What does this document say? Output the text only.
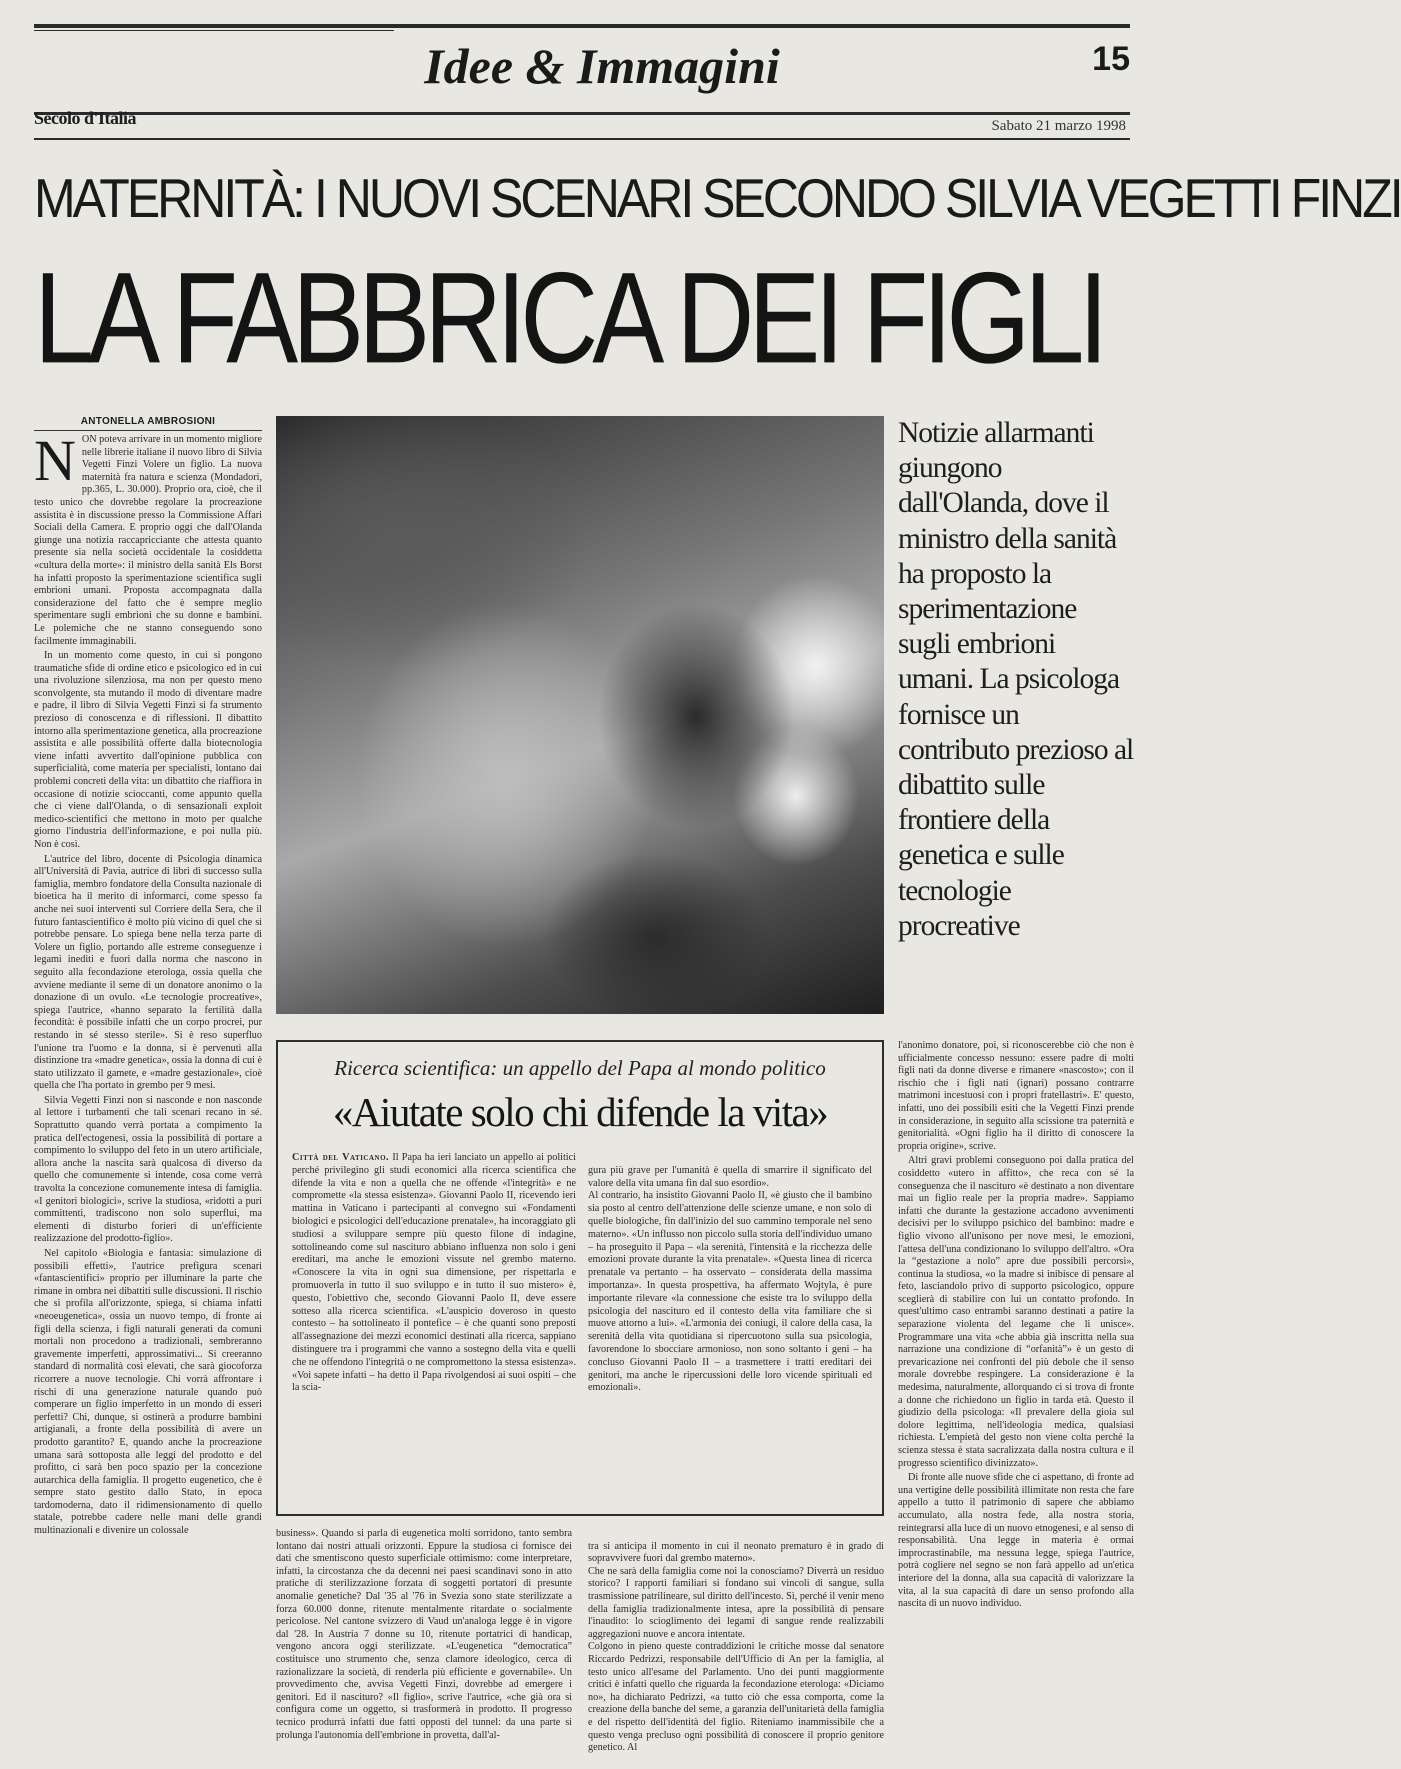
Idee & Immagini	15
Secolo d'Italia	Sabato 21 marzo 1998
MATERNITÀ: I NUOVI SCENARI SECONDO SILVIA VEGETTI FINZI
LA FABBRICA DEI FIGLI
ANTONELLA AMBROSIONI

NON poteva arrivare in un momento migliore nelle librerie italiane il nuovo libro di Silvia Vegetti Finzi Volere un figlio. La nuova maternità fra natura e scienza (Mondadori, pp.365, L. 30.000). Proprio ora, cioè, che il testo unico che dovrebbe regolare la procreazione assistita è in discussione presso la Commissione Affari Sociali della Camera. E proprio oggi che dall'Olanda giunge una notizia raccapricciante che attesta quanto presente sia nella società occidentale la cosiddetta «cultura della morte»: il ministro della sanità Els Borst ha infatti proposto la sperimentazione scientifica sugli embrioni umani. Proposta accompagnata dalla considerazione del fatto che è sempre meglio sperimentare sugli embrioni che su donne e bambini. Le polemiche che ne stanno conseguendo sono facilmente immaginabili.

In un momento come questo, in cui si pongono traumatiche sfide di ordine etico e psicologico ed in cui una rivoluzione silenziosa, ma non per questo meno sconvolgente, sta mutando il modo di diventare madre e padre, il libro di Silvia Vegetti Finzi si fa strumento prezioso di conoscenza e di riflessioni. Il dibattito intorno alla sperimentazione genetica, alla procreazione assistita e alle possibilità offerte dalla biotecnologia viene infatti avvertito dall'opinione pubblica con superficialità, come materia per specialisti, lontano dai problemi concreti della vita: un dibattito che riaffiora in occasione di notizie scioccanti, come appunto quella che ci viene dall'Olanda, o di sensazionali exploit medico-scientifici che mettono in moto per qualche giorno l'industria dell'informazione, e poi nulla più. Non è così.

L'autrice del libro, docente di Psicologia dinamica all'Università di Pavia, autrice di libri di successo sulla famiglia, membro fondatore della Consulta nazionale di bioetica ha il merito di informarci, come spesso fa anche nei suoi interventi sul Corriere della Sera, che il futuro fantascientifico è molto più vicino di quel che si potrebbe pensare. Lo spiega bene nella terza parte di Volere un figlio, portando alle estreme conseguenze i legami inediti e fuori dalla norma che nascono in seguito alla fecondazione eterologa, ossia quella che avviene mediante il seme di un donatore anonimo o la donazione di un ovulo. «Le tecnologie procreative», spiega l'autrice, «hanno separato la fertilità dalla fecondità: è possibile infatti che un corpo procrei, pur restando in sé stesso sterile». Si è reso superfluo l'unione tra l'uomo e la donna, si è pervenuti alla distinzione tra «madre genetica», ossia la donna di cui è stato utilizzato il gamete, e «madre gestazionale», cioè quella che l'ha portato in grembo per 9 mesi.

Silvia Vegetti Finzi non si nasconde e non nasconde al lettore i turbamenti che tali scenari recano in sé. Soprattutto quando verrà portata a compimento la pratica dell'ectogenesi, ossia la possibilità di portare a compimento lo sviluppo del feto in un utero artificiale, allora anche la nascita sarà qualcosa di diverso da quello che comunemente si intende, cosa come verrà travolta la concezione comunemente intesa di famiglia. «I genitori biologici», scrive la studiosa, «ridotti a puri committenti, tradiscono non solo superflui, ma elementi di disturbo forieri di un'efficiente realizzazione del prodotto-figlio».

Nel capitolo «Biologia e fantasia: simulazione di possibili effetti», l'autrice prefigura scenari «fantascientifici» proprio per illuminare la parte che rimane in ombra nei dibattiti sulle discussioni. Il rischio che si profila all'orizzonte, spiega, si chiama infatti «neoeugenetica», ossia un nuovo tempo, di fronte ai figli della scienza, i figli naturali generati da comuni mortali non procedono a tradizionali, sembreranno gravemente imperfetti, approssimativi... Si creeranno standard di normalità così elevati, che sarà giocoforza ricorrere a nuove tecnologie. Chi vorrà affrontare i rischi di una generazione naturale quando può comperare un figlio imperfetto in un mondo di esseri perfetti? Chi, dunque, si ostinerà a produrre bambini artigianali, a fronte della possibilità di avere un prodotto garantito? E, quando anche la procreazione umana sarà sottoposta alle leggi del prodotto e del profitto, ci sarà ben poco spazio per la concezione autarchica della famiglia. Il progetto eugenetico, che è sempre stato gestito dallo Stato, in epoca tardomoderna, dato il ridimensionamento di quello statale, potrebbe cadere nelle mani delle grandi multinazionali e divenire un colossale

Notizie allarmanti giungono dall'Olanda, dove il ministro della sanità ha proposto la sperimentazione sugli embrioni umani. La psicologa fornisce un contributo prezioso al dibattito sulle frontiere della genetica e sulle tecnologie procreative
Ricerca scientifica: un appello del Papa al mondo politico
«Aiutate solo chi difende la vita»

Città del Vaticano. Il Papa ha ieri lanciato un appello ai politici perché privilegino gli studi economici alla ricerca scientifica che difende la vita e non a quella che ne offende «l'integrità» e ne compromette «la stessa esistenza». Giovanni Paolo II, ricevendo ieri mattina in Vaticano i partecipanti al convegno sui «Fondamenti biologici e psicologici dell'educazione prenatale», ha incoraggiato gli studiosi a sviluppare sempre più questo filone di indagine, sottolineando come sul nascituro abbiano influenza non solo i geni ereditari, ma anche le emozioni vissute nel grembo materno. «Conoscere la vita in ogni sua dimensione, per rispettarla e promuoverla in tutto il suo sviluppo e in tutto il suo mistero» è, questo, l'obiettivo che, secondo Giovanni Paolo II, deve essere sotteso alla ricerca scientifica. «L'auspicio doveroso in questo contesto – ha sottolineato il pontefice – è che quanti sono preposti all'assegnazione dei mezzi economici destinati alla ricerca, sappiano distinguere tra i programmi che vanno a sostegno della vita e quelli che ne offendono l'integrità o ne compromettono la stessa esistenza». «Voi sapete infatti – ha detto il Papa rivolgendosi ai suoi ospiti – che la scia-

gura più grave per l'umanità è quella di smarrire il significato del valore della vita umana fin dal suo esordio».
Al contrario, ha insistito Giovanni Paolo II, «è giusto che il bambino sia posto al centro dell'attenzione delle scienze umane, e non solo di quelle biologiche, fin dall'inizio del suo cammino temporale nel seno materno». «Un influsso non piccolo sulla storia dell'individuo umano – ha proseguito il Papa – «la serenità, l'intensità e la ricchezza delle emozioni provate durante la vita prenatale». «Questa linea di ricerca prenatale va pertanto – ha osservato – considerata della massima importanza». In questa prospettiva, ha affermato Wojtyla, è pure importante rilevare «la connessione che esiste tra lo sviluppo della psicologia del nascituro ed il contesto della vita familiare che si muove attorno a lui». «L'armonia dei coniugi, il calore della casa, la serenità della vita quotidiana si ripercuotono sulla sua psicologia, favorendone lo sbocciare armonioso, non sono soltanto i geni – ha concluso Giovanni Paolo II – a trasmettere i tratti ereditari dei genitori, ma anche le ripercussioni delle loro vicende spirituali ed emozionali».

business». Quando si parla di eugenetica molti sorridono, tanto sembra lontano dai nostri attuali orizzonti. Eppure la studiosa ci fornisce dei dati che smentiscono questo superficiale ottimismo: come interpretare, infatti, la circostanza che da decenni nei paesi scandinavi sono in atto pratiche di sterilizzazione forzata di soggetti portatori di presunte anomalie genetiche? Dal '35 al '76 in Svezia sono state sterilizzate a forza 60.000 donne, ritenute mentalmente ritardate o socialmente pericolose. Nel cantone svizzero di Vaud un'analoga legge è in vigore dal '28. In Austria 7 donne su 10, ritenute portatrici di handicap, vengono ancora oggi sterilizzate. «L'eugenetica “democratica” costituisce uno strumento che, senza clamore ideologico, cerca di razionalizzare la società, di renderla più efficiente e governabile». Un provvedimento che, avvisa Vegetti Finzi, dovrebbe ad emergere i genitori. Ed il nascituro? «Il figlio», scrive l'autrice, «che già ora si configura come un oggetto, si trasformerà in prodotto. Il progresso tecnico produrrà infatti due fatti opposti del tunnel: da una parte si prolunga l'autonomia dell'embrione in provetta, dall'al-

tra si anticipa il momento in cui il neonato prematuro è in grado di sopravvivere fuori dal grembo materno».
Che ne sarà della famiglia come noi la conosciamo? Diverrà un residuo storico? I rapporti familiari si fondano sui vincoli di sangue, sulla trasmissione patrilineare, sul diritto dell'incesto. Sì, perché il venir meno della famiglia tradizionalmente intesa, apre la possibilità di pensare l'inaudito: lo scioglimento dei legami di sangue rende realizzabili aggregazioni nuove e ancora intentate.
Colgono in pieno queste contraddizioni le critiche mosse dal senatore Riccardo Pedrizzi, responsabile dell'Ufficio di An per la famiglia, al testo unico all'esame del Parlamento. Uno dei punti maggiormente critici è infatti quello che riguarda la fecondazione eterologa: «Diciamo no», ha dichiarato Pedrizzi, «a tutto ciò che essa comporta, come la creazione della banche del seme, a garanzia dell'unitarietà della famiglia e del rispetto dell'identità del figlio. Riteniamo inammissibile che a questo venga precluso ogni possibilità di conoscere il proprio genitore genetico. Al

l'anonimo donatore, poi, si riconoscerebbe ciò che non è ufficialmente concesso nessuno: essere padre di molti figli nati da donne diverse e rimanere «nascosto»; con il rischio che i figli nati (ignari) possano contrarre matrimoni incestuosi con i propri fratellastri». E' questo, infatti, uno dei possibili esiti che la Vegetti Finzi prende in considerazione, in seguito alla scissione tra paternità e genitorialità. «Ogni figlio ha il diritto di conoscere la propria origine», scrive.

Altri gravi problemi conseguono poi dalla pratica del cosiddetto «utero in affitto», che reca con sé la conseguenza che il nascituro «è destinato a non diventare mai un figlio reale per la propria madre». Sappiamo infatti che durante la gestazione accadono avvenimenti decisivi per lo sviluppo psichico del bambino: madre e figlio vivono all'unisono per nove mesi, le emozioni, l'attesa dell'una condizionano lo sviluppo dell'altro. «Ora la “gestazione a nolo” apre due possibili percorsi», continua la studiosa, «o la madre si inibisce di pensare al feto, lasciandolo privo di supporto psicologico, oppure sceglierà di stabilire con lui un contatto profondo. In quest'ultimo caso entrambi saranno destinati a patire la separazione violenta del legame che li unisce». Programmare una vita «che abbia già inscritta nella sua narrazione una condizione di “orfanità”» è un gesto di prevaricazione nei confronti del più debole che il senso morale dovrebbe respingere. La considerazione è la medesima, naturalmente, allorquando ci si trova di fronte a donne che richiedono un figlio in tarda età. Questo il giudizio della psicologa: «Il prevalere della gioia sul dolore legittima, nell'ideologia medica, qualsiasi richiesta. L'empietà del gesto non viene colta perché la scienza stessa è stata sacralizzata dalla nostra cultura e il progresso scientifico divinizzato».

Di fronte alle nuove sfide che ci aspettano, di fronte ad una vertigine delle possibilità illimitate non resta che fare appello a tutto il patrimonio di sapere che abbiamo accumulato, alla nostra fede, alla nostra storia, reintegrarsi alla luce di un nuovo etnogenesi, e al senso di responsabilità. Una legge in materia è ormai improcrastinabile, ma nessuna legge, spiega l'autrice, potrà cogliere nel segno se non farà appello ad un'etica interiore del la donna, alla sua capacità di valorizzare la vita, al la sua capacità di dare un senso profondo alla nascita di un nuovo individuo.
